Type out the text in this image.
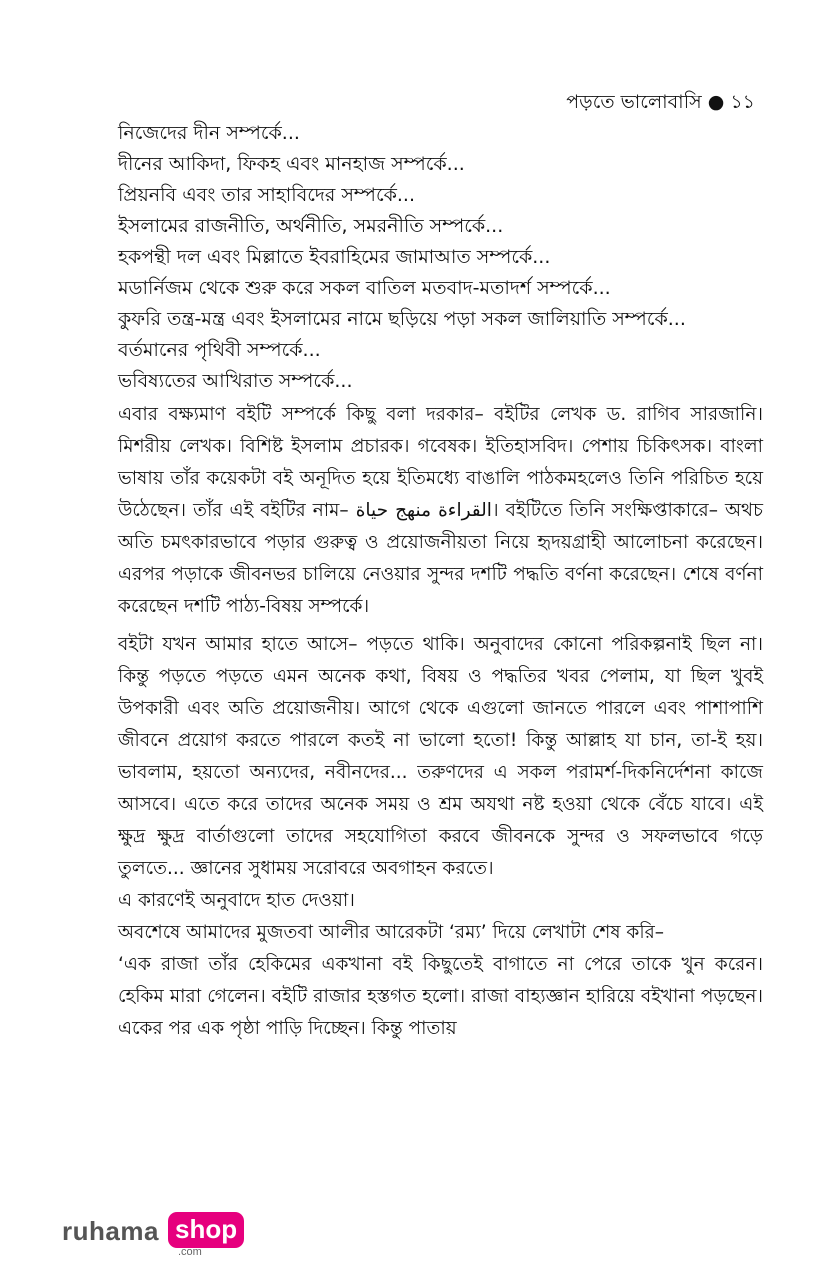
পড়তে ভালোবাসি ● ১১

নিজেদের দীন সম্পর্কে...

দীনের আকিদা, ফিকহ এবং মানহাজ সম্পর্কে...

প্রিয়নবি এবং তার সাহাবিদের সম্পর্কে...

ইসলামের রাজনীতি, অর্থনীতি, সমরনীতি সম্পর্কে...

হকপন্থী দল এবং মিল্লাতে ইবরাহিমের জামাআত সম্পর্কে...

মডার্নিজম থেকে শুরু করে সকল বাতিল মতবাদ-মতাদর্শ সম্পর্কে...

কুফরি তন্ত্র-মন্ত্র এবং ইসলামের নামে ছড়িয়ে পড়া সকল জালিয়াতি সম্পর্কে...

বর্তমানের পৃথিবী সম্পর্কে...

ভবিষ্যতের আখিরাত সম্পর্কে...

এবার বক্ষ্যমাণ বইটি সম্পর্কে কিছু বলা দরকার– বইটির লেখক ড. রাগিব সারজানি। মিশরীয় লেখক। বিশিষ্ট ইসলাম প্রচারক। গবেষক। ইতিহাসবিদ। পেশায় চিকিৎসক। বাংলা ভাষায় তাঁর কয়েকটা বই অনূদিত হয়ে ইতিমধ্যে বাঙালি পাঠকমহলেও তিনি পরিচিত হয়ে উঠেছেন। তাঁর এই বইটির নাম– القراءة منهج حياة। বইটিতে তিনি সংক্ষিপ্তাকারে– অথচ অতি চমৎকারভাবে পড়ার গুরুত্ব ও প্রয়োজনীয়তা নিয়ে হৃদয়গ্রাহী আলোচনা করেছেন। এরপর পড়াকে জীবনভর চালিয়ে নেওয়ার সুন্দর দশটি পদ্ধতি বর্ণনা করেছেন। শেষে বর্ণনা করেছেন দশটি পাঠ্য-বিষয় সম্পর্কে।

বইটা যখন আমার হাতে আসে– পড়তে থাকি। অনুবাদের কোনো পরিকল্পনাই ছিল না। কিন্তু পড়তে পড়তে এমন অনেক কথা, বিষয় ও পদ্ধতির খবর পেলাম, যা ছিল খুবই উপকারী এবং অতি প্রয়োজনীয়। আগে থেকে এগুলো জানতে পারলে এবং পাশাপাশি জীবনে প্রয়োগ করতে পারলে কতই না ভালো হতো! কিন্তু আল্লাহ যা চান, তা-ই হয়। ভাবলাম, হয়তো অন্যদের, নবীনদের... তরুণদের এ সকল পরামর্শ-দিকনির্দেশনা কাজে আসবে। এতে করে তাদের অনেক সময় ও শ্রম অযথা নষ্ট হওয়া থেকে বেঁচে যাবে। এই ক্ষুদ্র ক্ষুদ্র বার্তাগুলো তাদের সহযোগিতা করবে জীবনকে সুন্দর ও সফলভাবে গড়ে তুলতে... জ্ঞানের সুধাময় সরোবরে অবগাহন করতে।

এ কারণেই অনুবাদে হাত দেওয়া।

অবশেষে আমাদের মুজতবা আলীর আরেকটা ‘রম্য’ দিয়ে লেখাটা শেষ করি–

‘এক রাজা তাঁর হেকিমের একখানা বই কিছুতেই বাগাতে না পেরে তাকে খুন করেন। হেকিম মারা গেলেন। বইটি রাজার হস্তগত হলো। রাজা বাহ্যজ্ঞান হারিয়ে বইখানা পড়ছেন। একের পর এক পৃষ্ঠা পাড়ি দিচ্ছেন। কিন্তু পাতায়

ruhama shop
.com
